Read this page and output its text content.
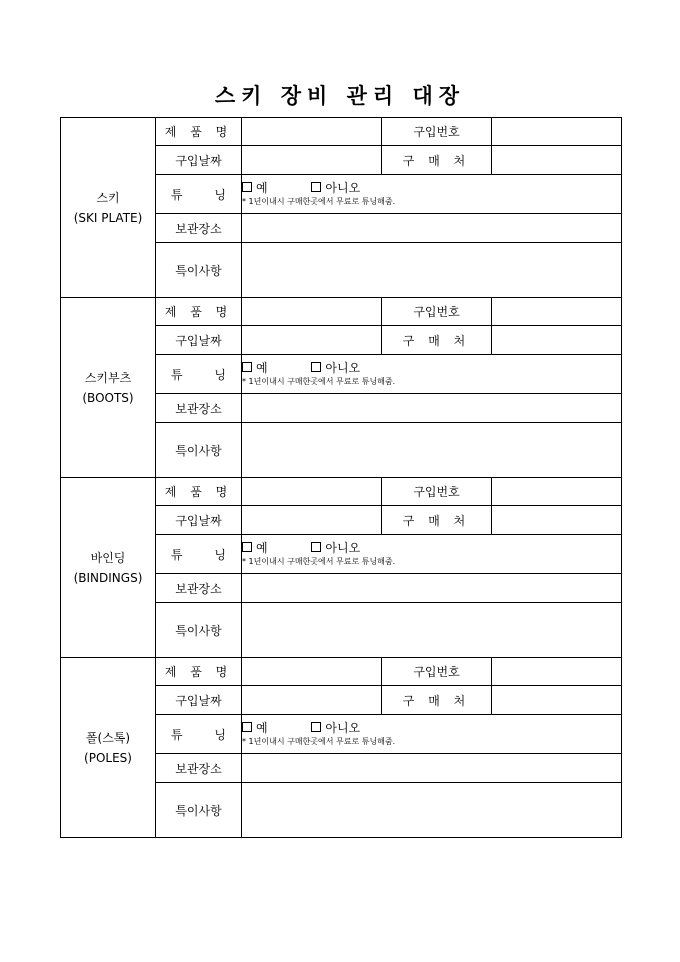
스키 장비 관리 대장
스키
(SKI PLATE)	제 품 명		구입번호	
	구입날짜		구 매 처	
	튜 닝	예 아니오
* 1년이내시 구매한곳에서 무료로 튜닝해줌.		

	보관장소			
	특이사항			

스키부츠
(BOOTS)	제 품 명		구입번호	
	구입날짜		구 매 처	
	튜 닝	예 아니오
* 1년이내시 구매한곳에서 무료로 튜닝해줌.		

	보관장소			
	특이사항			

바인딩
(BINDINGS)	제 품 명		구입번호	
	구입날짜		구 매 처	
	튜 닝	예 아니오
* 1년이내시 구매한곳에서 무료로 튜닝해줌.		

	보관장소			
	특이사항			

폴(스톡)
(POLES)	제 품 명		구입번호	
	구입날짜		구 매 처	
	튜 닝	예 아니오
* 1년이내시 구매한곳에서 무료로 튜닝해줌.		

	보관장소			
	특이사항			
